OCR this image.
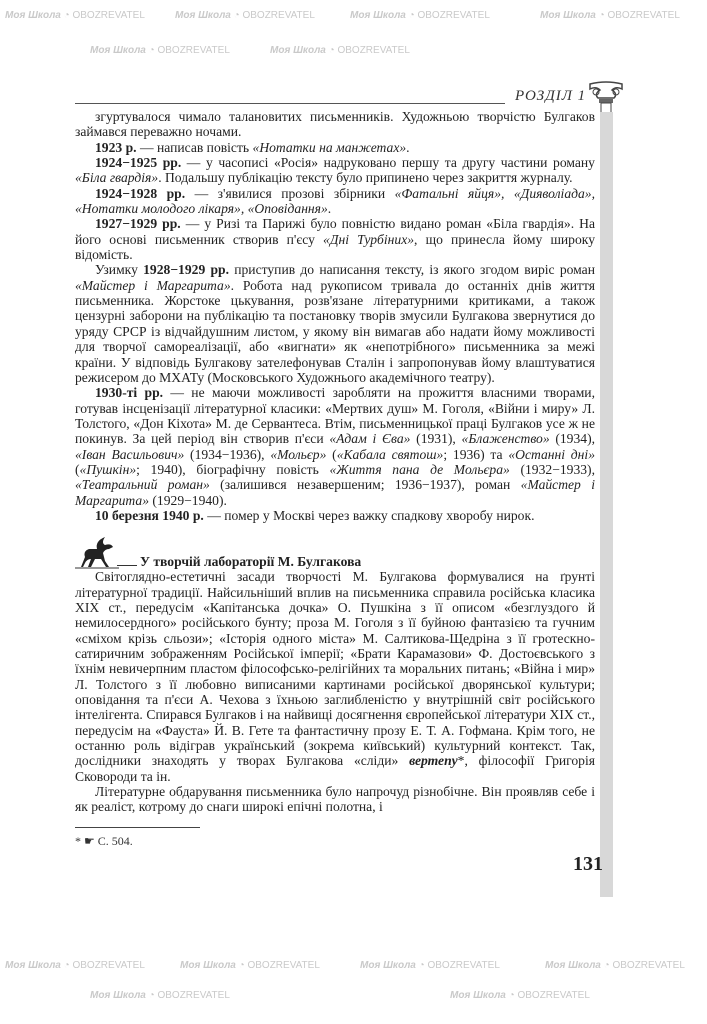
Моя Школа ◔ OBOZREVATEL	Моя Школа ◔ OBOZREVATEL	Моя Школа ◔ OBOZREVATEL	Моя Школа ◔ OBOZREVATEL
Моя Школа ◔ OBOZREVATEL	Моя Школа ◔ OBOZREVATEL
РОЗДІЛ 1

згуртувалося чимало талановитих письменників. Художньою творчістю Булгаков займався переважно ночами.

1923 р. — написав повість «Нотатки на манжетах».

1924−1925 рр. — у часописі «Росія» надруковано першу та другу частини роману «Біла гвардія». Подальшу публікацію тексту було припинено через закриття журналу.

1924−1928 рр. — з'явилися прозові збірники «Фатальні яйця», «Дияволіада», «Нотатки молодого лікаря», «Оповідання».

1927−1929 рр. — у Ризі та Парижі було повністю видано роман «Біла гвардія». На його основі письменник створив п'єсу «Дні Турбіних», що принесла йому широку відомість.

Узимку 1928−1929 рр. приступив до написання тексту, із якого згодом виріс роман «Майстер і Маргарита». Робота над рукописом тривала до останніх днів життя письменника. Жорстоке цькування, розв'язане літературними критиками, а також цензурні заборони на публікацію та постановку творів змусили Булгакова звернутися до уряду СРСР із відчайдушним листом, у якому він вимагав або надати йому можливості для творчої самореалізації, або «вигнати» як «непотрібного» письменника за межі країни. У відповідь Булгакову зателефонував Сталін і запропонував йому влаштуватися режисером до МХАТу (Московського Художнього академічного театру).

1930-ті рр. — не маючи можливості заробляти на прожиття власними творами, готував інсценізації літературної класики: «Мертвих душ» М. Гоголя, «Війни і миру» Л. Толстого, «Дон Кіхота» М. де Сервантеса. Втім, письменницької праці Булгаков усе ж не покинув. За цей період він створив п'єси «Адам і Єва» (1931), «Блаженство» (1934), «Іван Васильович» (1934−1936), «Мольєр» («Кабала святош»; 1936) та «Останні дні» («Пушкін»; 1940), біографічну повість «Життя пана де Мольєра» (1932−1933), «Театральний роман» (залишився незавершеним; 1936−1937), роман «Майстер і Маргарита» (1929−1940).

10 березня 1940 р. — помер у Москві через важку спадкову хворобу нирок.

У творчій лабораторії М. Булгакова

Світоглядно-естетичні засади творчості М. Булгакова формувалися на ґрунті літературної традиції. Найсильніший вплив на письменника справила російська класика XIX ст., передусім «Капітанська дочка» О. Пушкіна з її описом «безглуздого й немилосердного» російського бунту; проза М. Гоголя з її буйною фантазією та гучним «сміхом крізь сльози»; «Історія одного міста» М. Салтикова-Щедріна з її гротескно-сатиричним зображенням Російської імперії; «Брати Карамазови» Ф. Достоєвського з їхнім невичерпним пластом філософсько-релігійних та моральних питань; «Війна і мир» Л. Толстого з її любовно виписаними картинами російської дворянської культури; оповідання та п'єси А. Чехова з їхньою заглибленістю у внутрішній світ російського інтелігента. Спирався Булгаков і на найвищі досягнення європейської літератури XIX ст., передусім на «Фауста» Й. В. Гете та фантастичну прозу Е. Т. А. Гофмана. Крім того, не останню роль відіграв український (зокрема київський) культурний контекст. Так, дослідники знаходять у творах Булгакова «сліди» вертепу*, філософії Григорія Сковороди та ін.

Літературне обдарування письменника було напрочуд різнобічне. Він проявляв себе і як реаліст, котрому до снаги широкі епічні полотна, і

* ☛ С. 504.
131
Моя Школа ◔ OBOZREVATEL	Моя Школа ◔ OBOZREVATEL	Моя Школа ◔ OBOZREVATEL	Моя Школа ◔ OBOZREVATEL
Моя Школа ◔ OBOZREVATEL	Моя Школа ◔ OBOZREVATEL
